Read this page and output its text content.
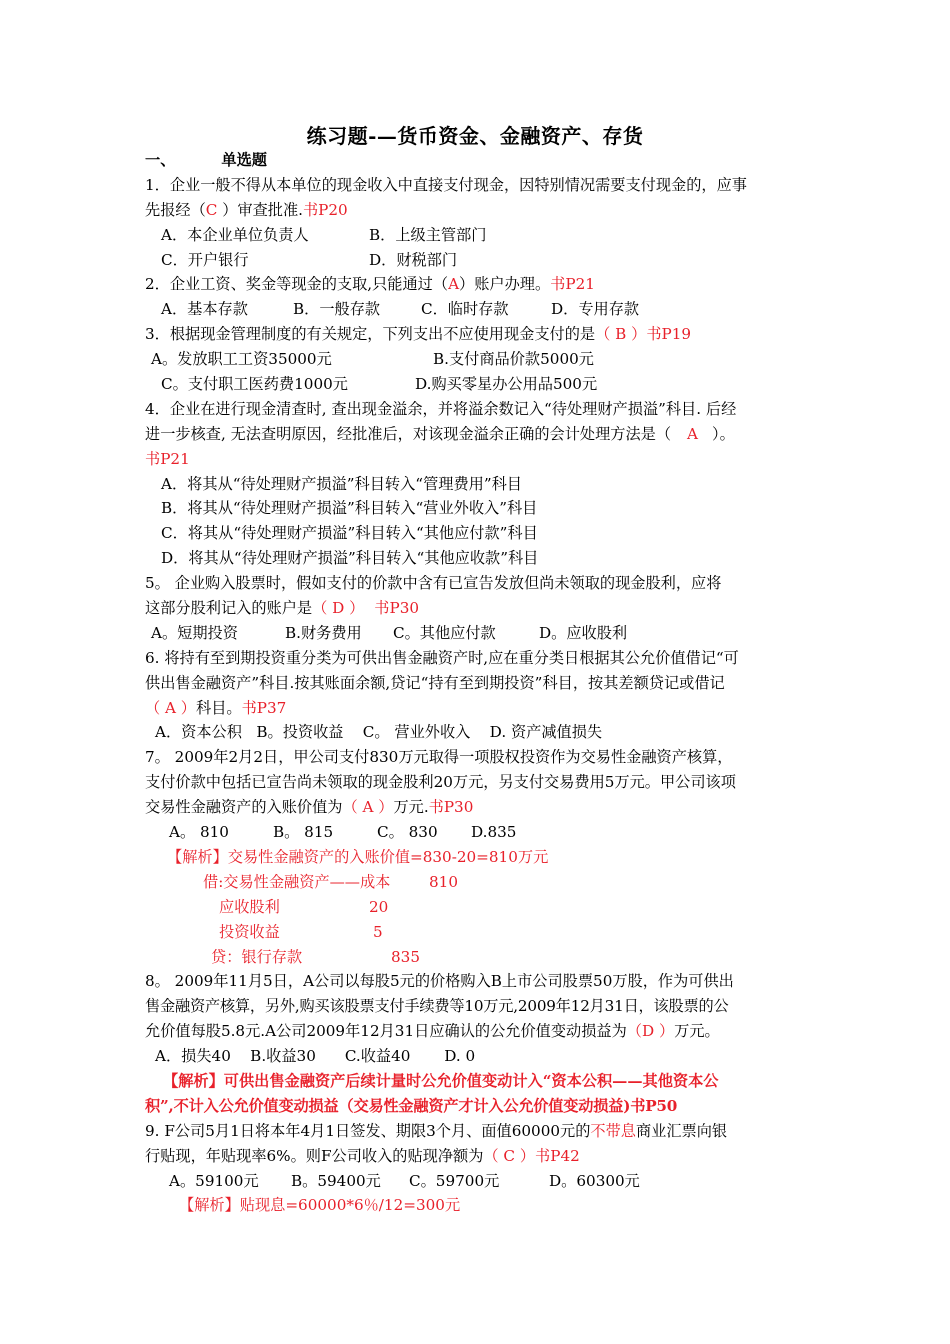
练习题-—货币资金、金融资产、存货
一、	单选题
1．企业一般不得从本单位的现金收入中直接支付现金，因特别情况需要支付现金的，应事
先报经（C ）审查批准.书P20
A．本企业单位负责人	B．上级主管部门
C．开户银行	D．财税部门
2．企业工资、奖金等现金的支取,只能通过（A）账户办理。书P21
A．基本存款	B．一般存款	C．临时存款	D．专用存款
3．根据现金管理制度的有关规定，下列支出不应使用现金支付的是（ B ）书P19
A。发放职工工资35000元	B.支付商品价款5000元
C。支付职工医药费1000元	D.购买零星办公用品500元
4．企业在进行现金清查时, 查出现金溢余，并将溢余数记入“待处理财产损溢”科目. 后经
进一步核查, 无法查明原因，经批准后，对该现金溢余正确的会计处理方法是（ A ）。
书P21
A．将其从“待处理财产损溢”科目转入“管理费用”科目
B．将其从“待处理财产损溢”科目转入“营业外收入”科目
C．将其从“待处理财产损溢”科目转入“其他应付款”科目
D．将其从“待处理财产损溢”科目转入“其他应收款”科目
5。 企业购入股票时，假如支付的价款中含有已宣告发放但尚未领取的现金股利，应将
这部分股利记入的账户是（ D ） 书P30
A。短期投资	B.财务费用 C。其他应付款	D。应收股利
6. 将持有至到期投资重分类为可供出售金融资产时,应在重分类日根据其公允价值借记“可
供出售金融资产”科目.按其账面余额,贷记“持有至到期投资”科目，按其差额贷记或借记
（ A ）科目。书P37
A．资本公积   B。投资收益    C。 营业外收入    D. 资产减值损失
7。 2009年2月2日，甲公司支付830万元取得一项股权投资作为交易性金融资产核算，
支付价款中包括已宣告尚未领取的现金股利20万元，另支付交易费用5万元。甲公司该项
交易性金融资产的入账价值为（ A ）万元.书P30
A。 810	B。 815	C。 830 D.835
【解析】交易性金融资产的入账价值=830-20=810万元
借:交易性金融资产——成本	810
应收股利	20
投资收益	5
贷：银行存款	835
8。 2009年11月5日，A公司以每股5元的价格购入B上市公司股票50万股，作为可供出
售金融资产核算，另外,购买该股票支付手续费等10万元,2009年12月31日，该股票的公
允价值每股5.8元.A公司2009年12月31日应确认的公允价值变动损益为（D ）万元。
A．损失40    B.收益30      C.收益40       D. 0
【解析】可供出售金融资产后续计量时公允价值变动计入“资本公积——其他资本公
积”,不计入公允价值变动损益（交易性金融资产才计入公允价值变动损益)书P50
9. F公司5月1日将本年4月1日签发、期限3个月、面值60000元的不带息商业汇票向银
行贴现，年贴现率6%。则F公司收入的贴现净额为（ C ）书P42
A。59100元 B。59400元 C。59700元	D。60300元
【解析】贴现息=60000*6％/12=300元
